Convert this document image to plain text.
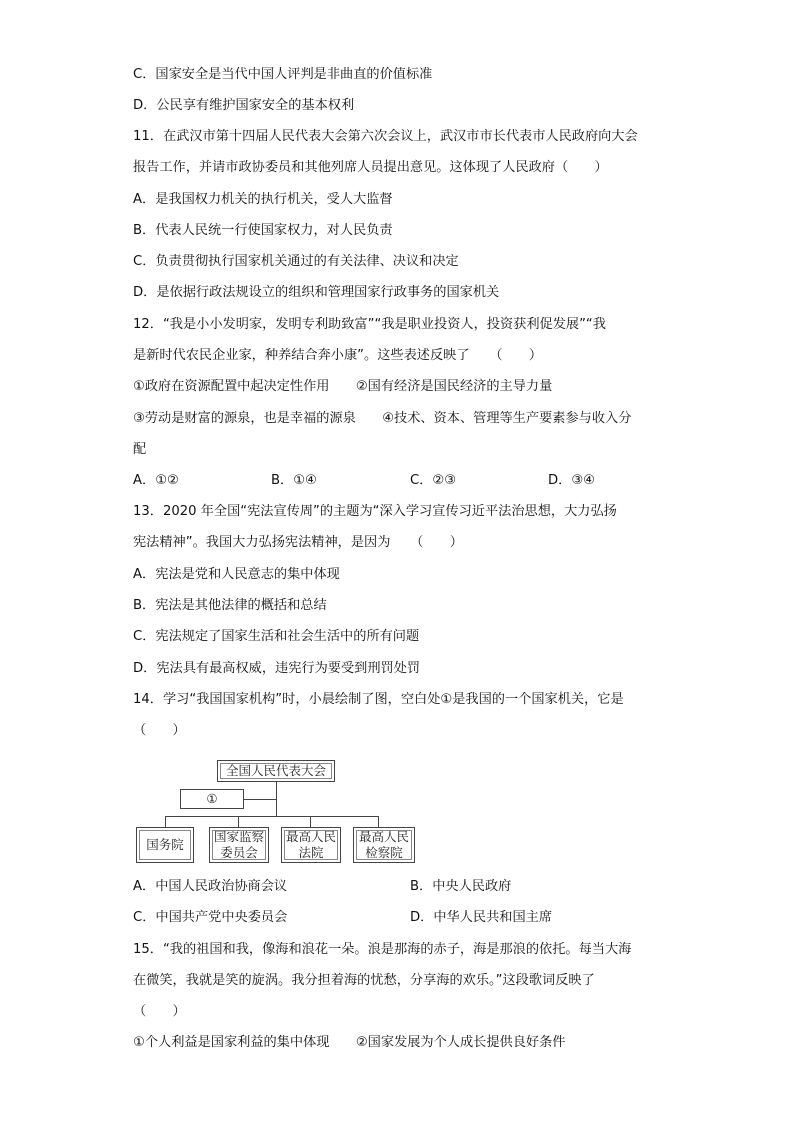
C．国家安全是当代中国人评判是非曲直的价值标准
D．公民享有维护国家安全的基本权利
11．在武汉市第十四届人民代表大会第六次会议上，武汉市市长代表市人民政府向大会
报告工作，并请市政协委员和其他列席人员提出意见。这体现了人民政府（　　）
A．是我国权力机关的执行机关，受人大监督
B．代表人民统一行使国家权力，对人民负责
C．负责贯彻执行国家机关通过的有关法律、决议和决定
D．是依据行政法规设立的组织和管理国家行政事务的国家机关
12．“我是小小发明家，发明专利助致富”“我是职业投资人，投资获利促发展”“我
是新时代农民企业家，种养结合奔小康”。这些表述反映了　　（　　）
①政府在资源配置中起决定性作用　　②国有经济是国民经济的主导力量
③劳动是财富的源泉，也是幸福的源泉　　④技术、资本、管理等生产要素参与收入分
配
A．①②	B．①④	C．②③	D．③④
13．2020 年全国“宪法宣传周”的主题为“深入学习宣传习近平法治思想，大力弘扬
宪法精神”。我国大力弘扬宪法精神，是因为　　（　　）
A．宪法是党和人民意志的集中体现
B．宪法是其他法律的概括和总结
C．宪法规定了国家生活和社会生活中的所有问题
D．宪法具有最高权威，违宪行为要受到刑罚处罚
14．学习“我国国家机构”时，小晨绘制了图，空白处①是我国的一个国家机关，它是
（　　）
全国人民代表大会
①
国务院
国家监察
委员会
最高人民
法院
最高人民
检察院
A．中国人民政治协商会议	B．中央人民政府
C．中国共产党中央委员会	D．中华人民共和国主席
15．“我的祖国和我，像海和浪花一朵。浪是那海的赤子，海是那浪的依托。每当大海
在微笑，我就是笑的旋涡。我分担着海的忧愁，分享海的欢乐。”这段歌词反映了
（　　）
①个人利益是国家利益的集中体现　　②国家发展为个人成长提供良好条件
